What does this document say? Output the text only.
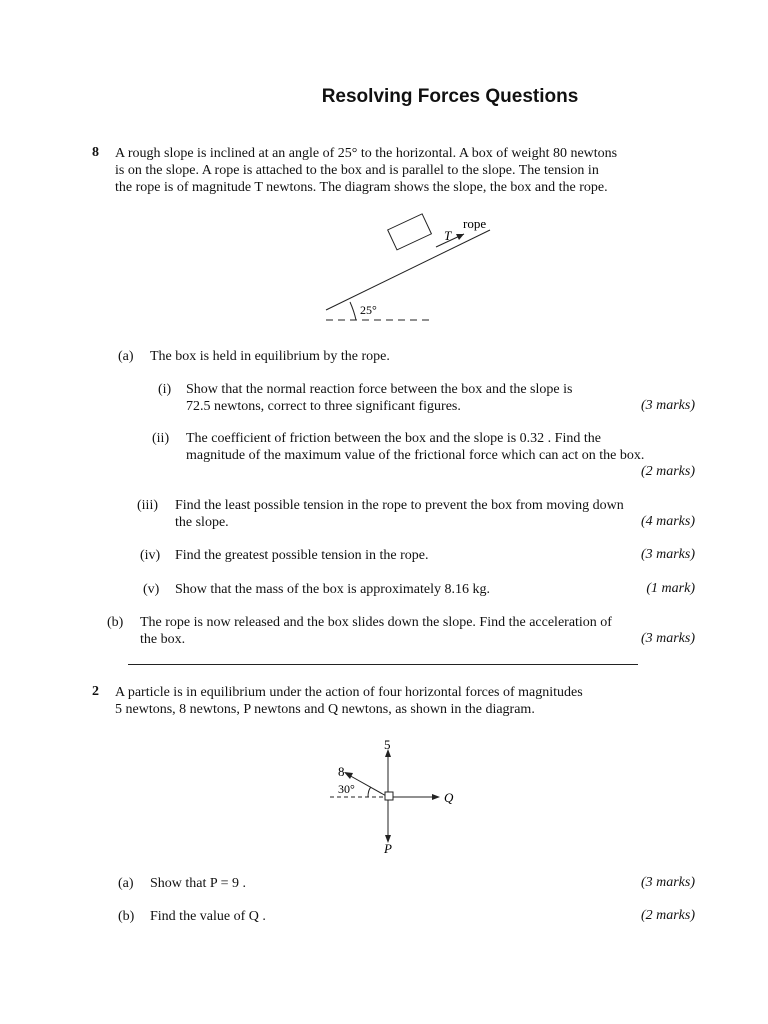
Resolving Forces Questions
8 A rough slope is inclined at an angle of 25° to the horizontal. A box of weight 80 newtons
is on the slope. A rope is attached to the box and is parallel to the slope. The tension in
the rope is of magnitude T newtons. The diagram shows the slope, the box and the rope.
rope
T
25°
(a) The box is held in equilibrium by the rope.
(i) Show that the normal reaction force between the box and the slope is
72.5 newtons, correct to three significant figures.	(3 marks)
(ii) The coefficient of friction between the box and the slope is 0.32 . Find the
magnitude of the maximum value of the frictional force which can act on the box.
(2 marks)
(iii) Find the least possible tension in the rope to prevent the box from moving down
the slope.	(4 marks)
(iv) Find the greatest possible tension in the rope.	(3 marks)
(v) Show that the mass of the box is approximately 8.16 kg.	(1 mark)
(b) The rope is now released and the box slides down the slope. Find the acceleration of
the box.	(3 marks)
2 A particle is in equilibrium under the action of four horizontal forces of magnitudes
5 newtons, 8 newtons, P newtons and Q newtons, as shown in the diagram.
5
8
30°
Q
P
(a) Show that P = 9 .	(3 marks)
(b) Find the value of Q .	(2 marks)
